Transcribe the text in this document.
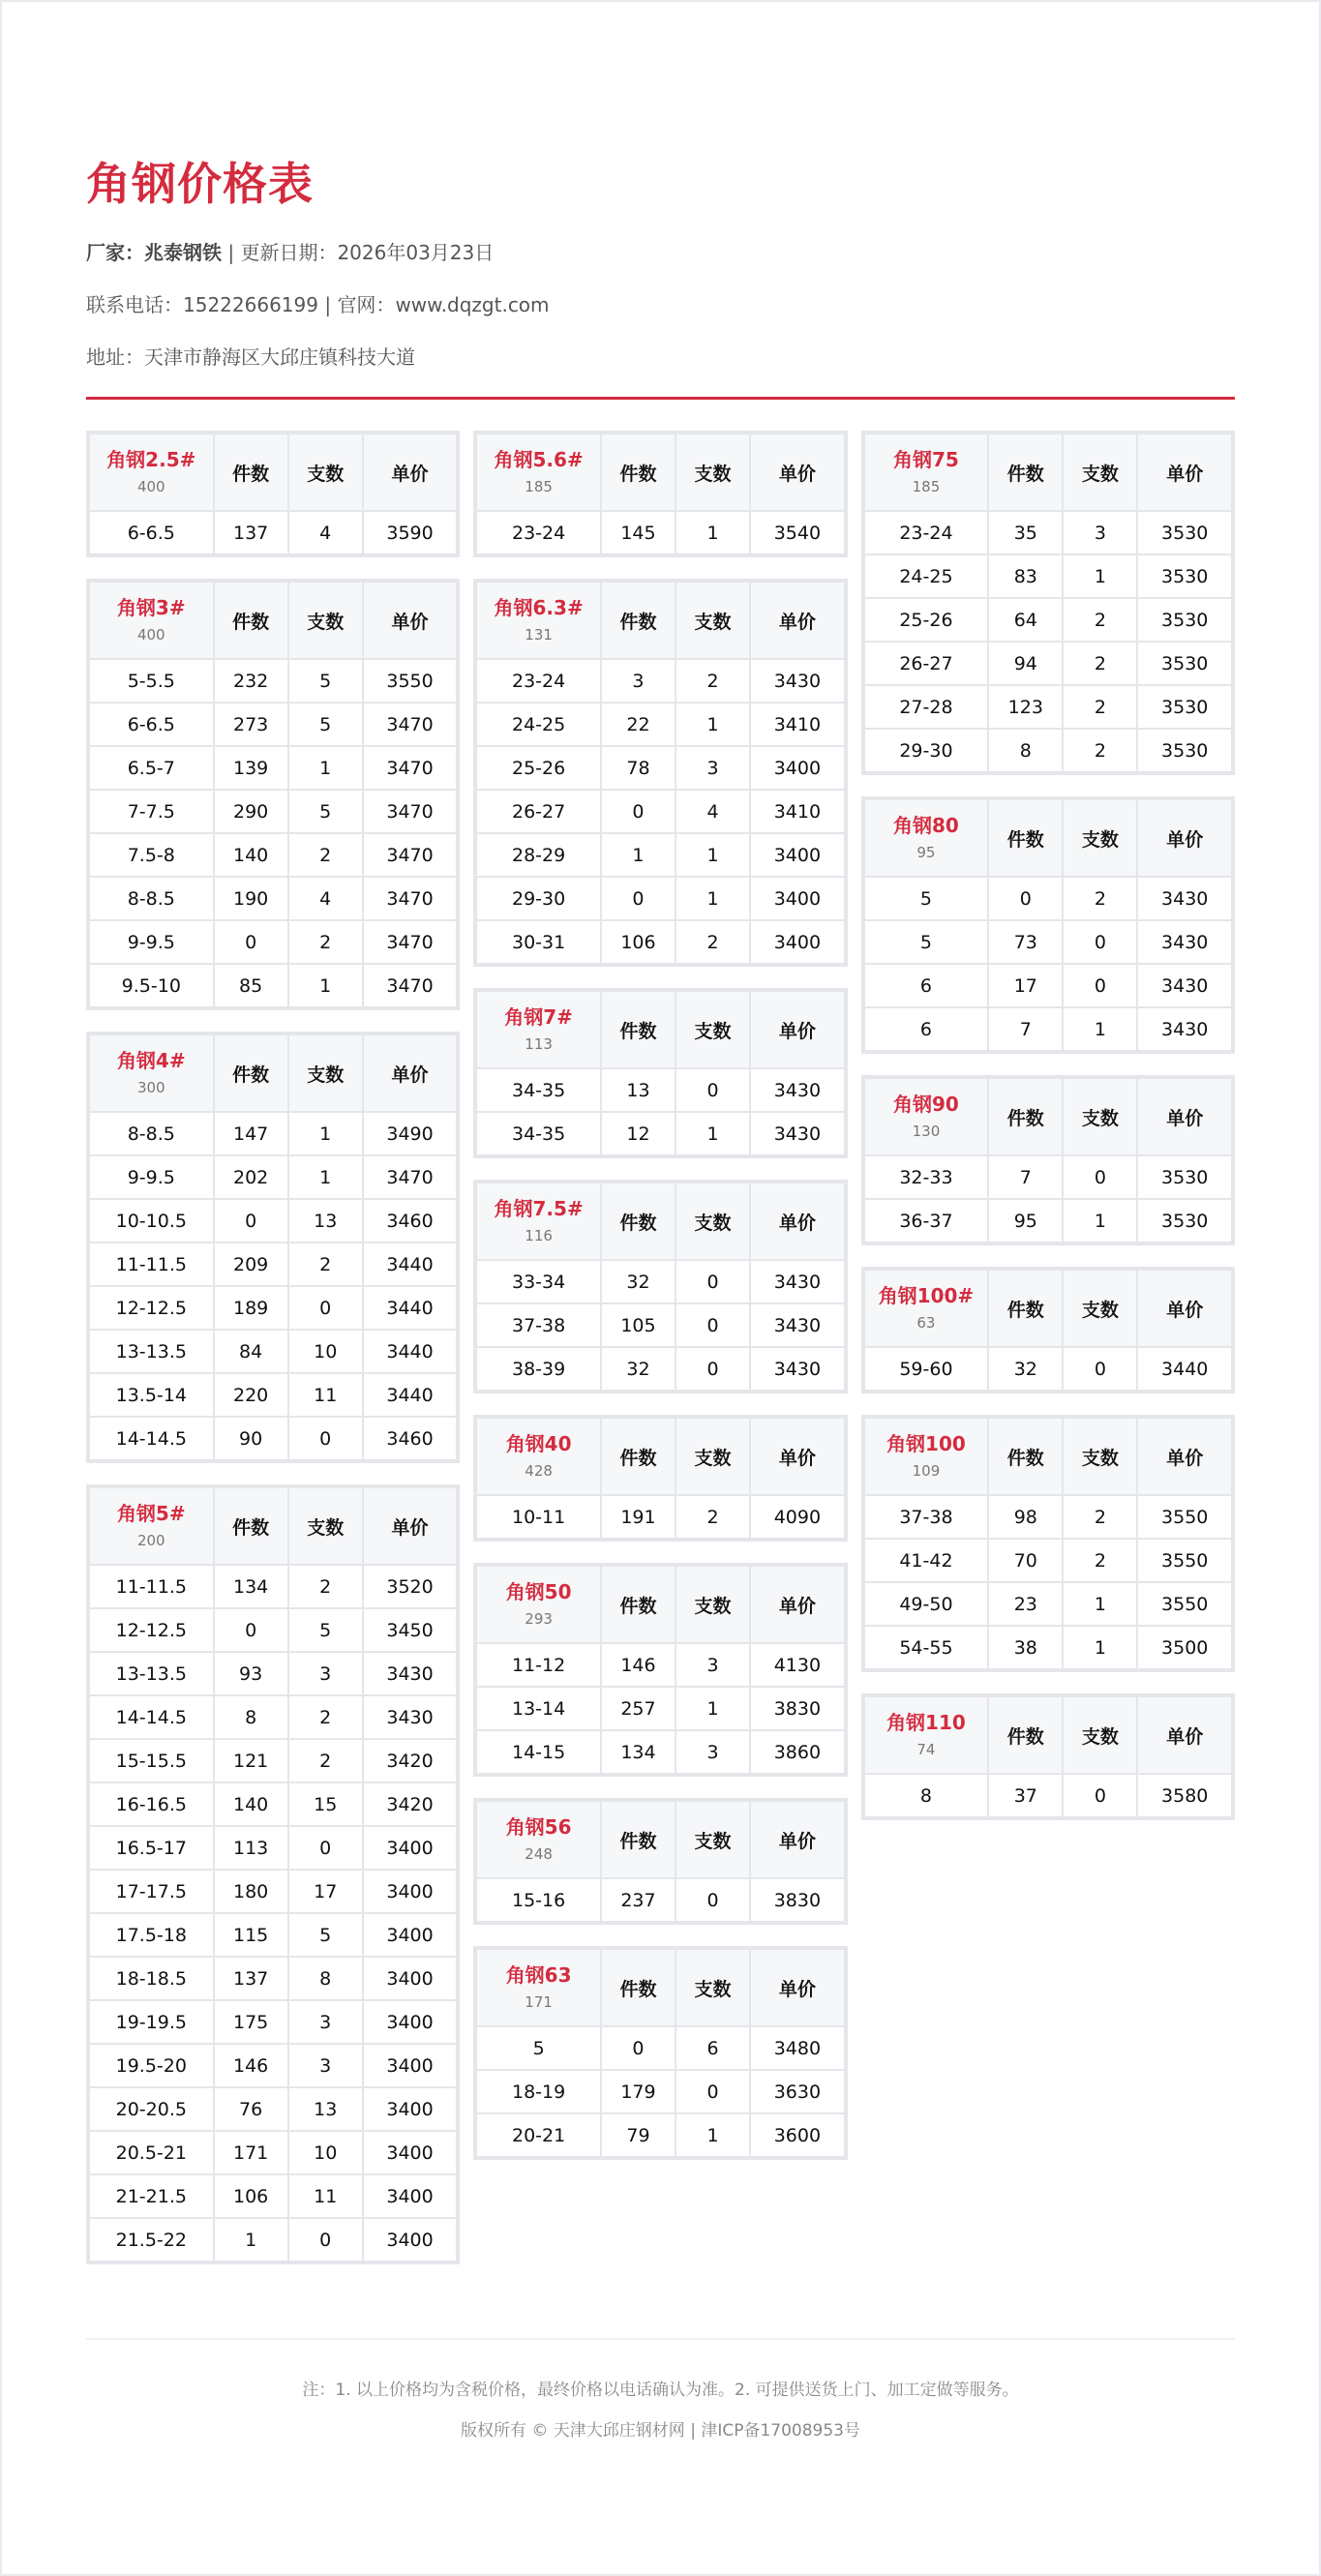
角钢价格表
厂家：兆泰钢铁 | 更新日期：2026年03月23日
联系电话：15222666199 | 官网：www.dqzgt.com
地址：天津市静海区大邱庄镇科技大道
角钢2.5#
400	件数	支数	单价
6-6.5	137	4	3590
角钢3#
400	件数	支数	单价
5-5.5	232	5	3550
6-6.5	273	5	3470
6.5-7	139	1	3470
7-7.5	290	5	3470
7.5-8	140	2	3470
8-8.5	190	4	3470
9-9.5	0	2	3470
9.5-10	85	1	3470
角钢4#
300	件数	支数	单价
8-8.5	147	1	3490
9-9.5	202	1	3470
10-10.5	0	13	3460
11-11.5	209	2	3440
12-12.5	189	0	3440
13-13.5	84	10	3440
13.5-14	220	11	3440
14-14.5	90	0	3460
角钢5#
200	件数	支数	单价
11-11.5	134	2	3520
12-12.5	0	5	3450
13-13.5	93	3	3430
14-14.5	8	2	3430
15-15.5	121	2	3420
16-16.5	140	15	3420
16.5-17	113	0	3400
17-17.5	180	17	3400
17.5-18	115	5	3400
18-18.5	137	8	3400
19-19.5	175	3	3400
19.5-20	146	3	3400
20-20.5	76	13	3400
20.5-21	171	10	3400
21-21.5	106	11	3400
21.5-22	1	0	3400
角钢5.6#
185	件数	支数	单价
23-24	145	1	3540
角钢6.3#
131	件数	支数	单价
23-24	3	2	3430
24-25	22	1	3410
25-26	78	3	3400
26-27	0	4	3410
28-29	1	1	3400
29-30	0	1	3400
30-31	106	2	3400
角钢7#
113	件数	支数	单价
34-35	13	0	3430
34-35	12	1	3430
角钢7.5#
116	件数	支数	单价
33-34	32	0	3430
37-38	105	0	3430
38-39	32	0	3430
角钢40
428	件数	支数	单价
10-11	191	2	4090
角钢50
293	件数	支数	单价
11-12	146	3	4130
13-14	257	1	3830
14-15	134	3	3860
角钢56
248	件数	支数	单价
15-16	237	0	3830
角钢63
171	件数	支数	单价
5	0	6	3480
18-19	179	0	3630
20-21	79	1	3600
角钢75
185	件数	支数	单价
23-24	35	3	3530
24-25	83	1	3530
25-26	64	2	3530
26-27	94	2	3530
27-28	123	2	3530
29-30	8	2	3530
角钢80
95	件数	支数	单价
5	0	2	3430
5	73	0	3430
6	17	0	3430
6	7	1	3430
角钢90
130	件数	支数	单价
32-33	7	0	3530
36-37	95	1	3530
角钢100#
63	件数	支数	单价
59-60	32	0	3440
角钢100
109	件数	支数	单价
37-38	98	2	3550
41-42	70	2	3550
49-50	23	1	3550
54-55	38	1	3500
角钢110
74	件数	支数	单价
8	37	0	3580
注：1. 以上价格均为含税价格，最终价格以电话确认为准。2. 可提供送货上门、加工定做等服务。
版权所有 © 天津大邱庄钢材网 | 津ICP备17008953号
